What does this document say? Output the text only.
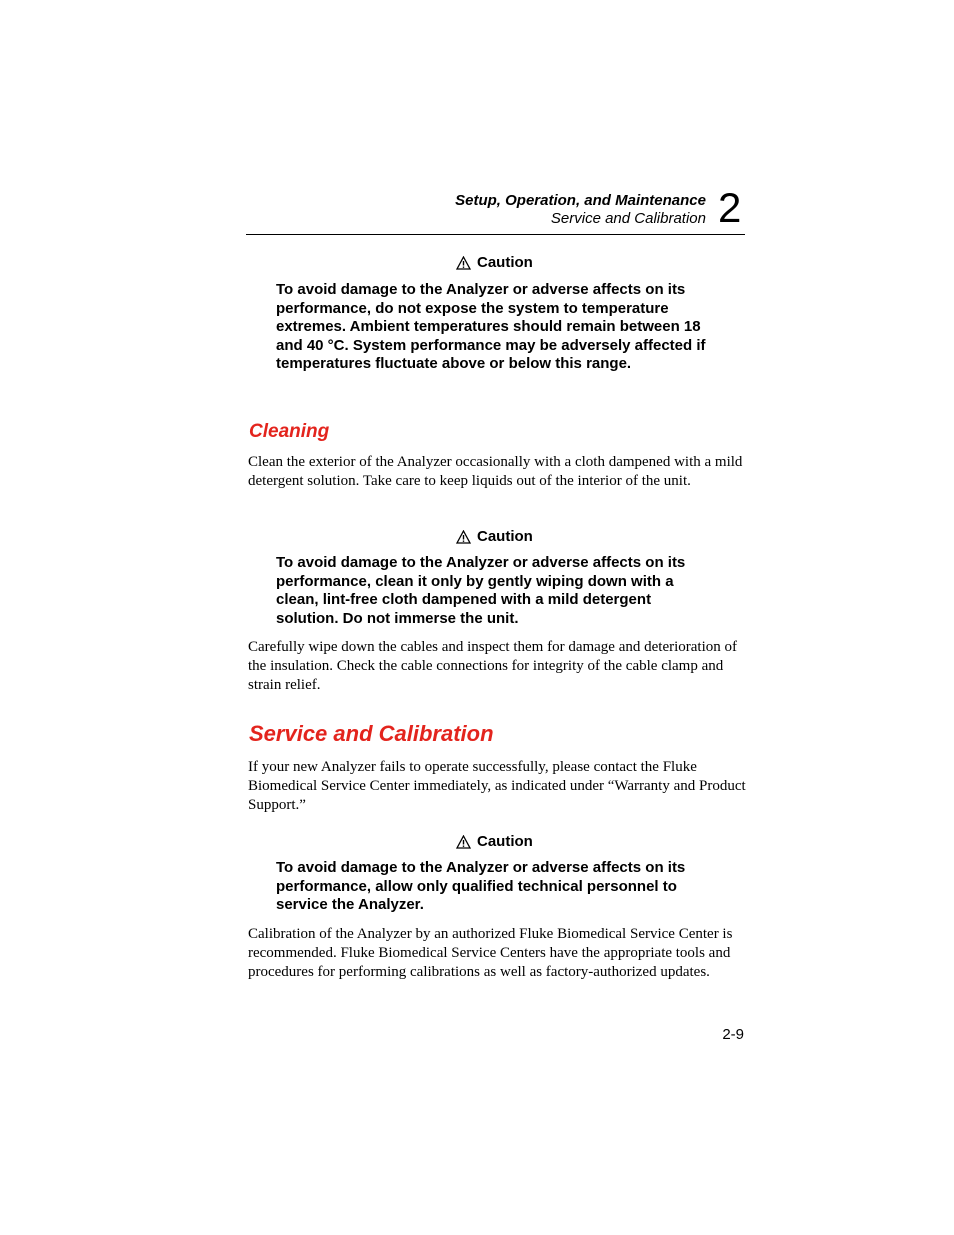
Setup, Operation, and Maintenance
Service and Calibration 2
Caution

To avoid damage to the Analyzer or adverse affects on its performance, do not expose the system to temperature extremes. Ambient temperatures should remain between 18 and 40 °C. System performance may be adversely affected if temperatures fluctuate above or below this range.

Cleaning

Clean the exterior of the Analyzer occasionally with a cloth dampened with a mild detergent solution. Take care to keep liquids out of the interior of the unit.

Caution

To avoid damage to the Analyzer or adverse affects on its performance, clean it only by gently wiping down with a clean, lint-free cloth dampened with a mild detergent solution. Do not immerse the unit.

Carefully wipe down the cables and inspect them for damage and deterioration of the insulation. Check the cable connections for integrity of the cable clamp and strain relief.

Service and Calibration

If your new Analyzer fails to operate successfully, please contact the Fluke Biomedical Service Center immediately, as indicated under “Warranty and Product Support.”

Caution

To avoid damage to the Analyzer or adverse affects on its performance, allow only qualified technical personnel to service the Analyzer.

Calibration of the Analyzer by an authorized Fluke Biomedical Service Center is recommended. Fluke Biomedical Service Centers have the appropriate tools and procedures for performing calibrations as well as factory-authorized updates.

2-9
